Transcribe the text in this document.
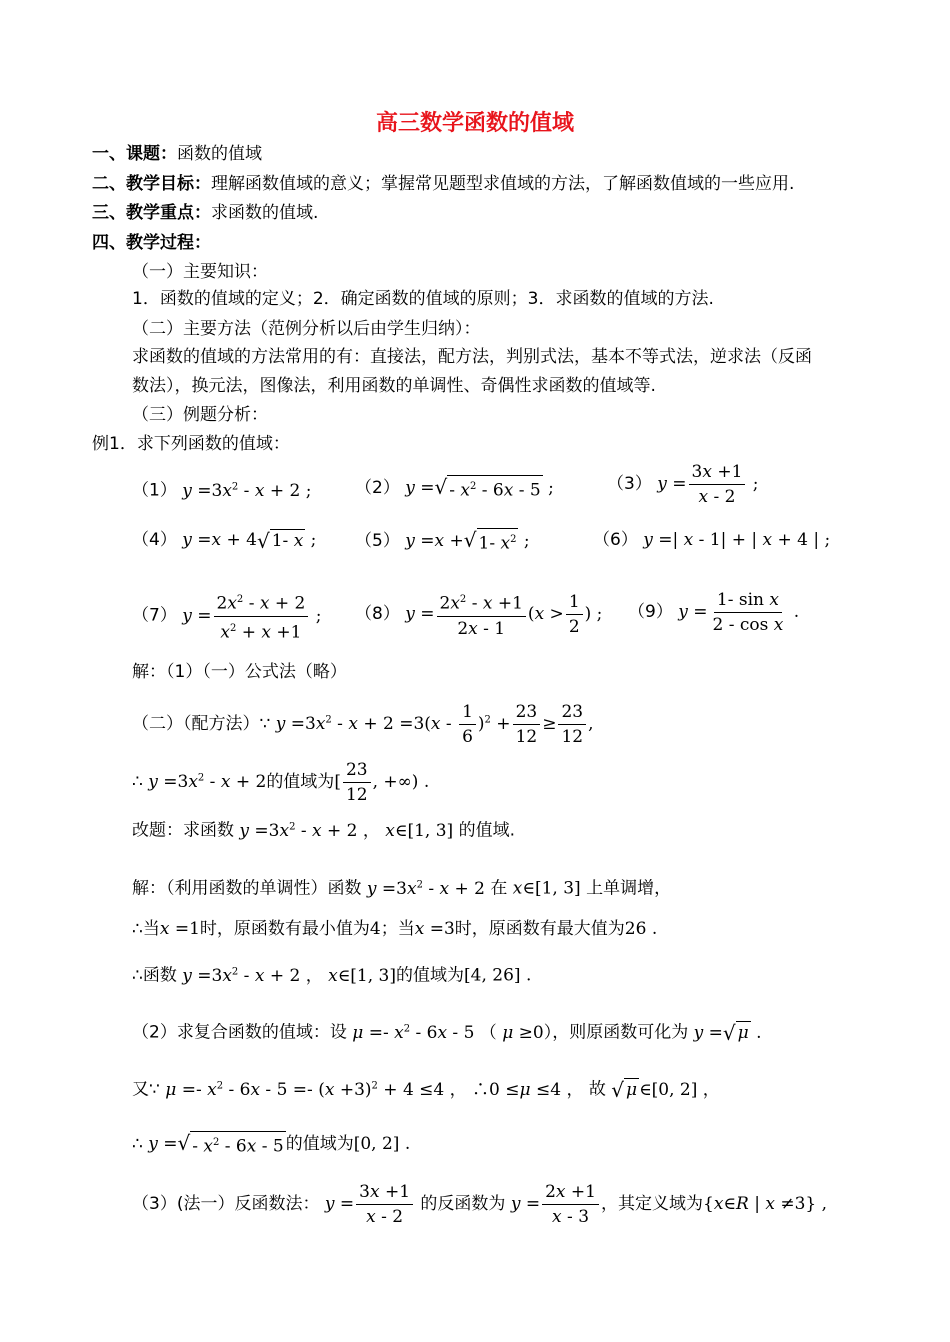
高三数学函数的值域
一、课题：函数的值域
二、教学目标：理解函数值域的意义；掌握常见题型求值域的方法，了解函数值域的一些应用.
三、教学重点：求函数的值域.
四、教学过程：
（一）主要知识：
1．函数的值域的定义；2．确定函数的值域的原则；3．求函数的值域的方法.
（二）主要方法（范例分析以后由学生归纳）：
求函数的值域的方法常用的有：直接法，配方法，判别式法，基本不等式法，逆求法（反函
数法），换元法，图像法，利用函数的单调性、奇偶性求函数的值域等.
（三）例题分析：
例1．求下列函数的值域：
（1） $y =3x^2 - x + 2$ ;	（2） y = √ - $x^2 - 6x - 5$ ;	（3） $y = \frac{3x +1}{x - 2}$ ;
（4） y =x + 4 √ 1- x ; （5） y =x + √ 1- $x^2$ ;	（6） y =| x - 1| + | x + 4 | ;
（7） $y = \frac{2x^2 - x + 2}{x^2 + x +1}$ ; （8） $y = \frac{2x^2 - x +1}{2x - 1} (x > \frac{1}{2}$ ) ; （9） $y = \frac{\text{1- sin x}}{\text{2 - cos x}}$ .
解：（1）（一）公式法（略）
（二）（配方法）∵ $y =3x^2 - x + 2 =3(x - \frac{1}{6} )^2 + \frac{23}{12} \ge \frac{23}{12}$ ,
∴ $y =3x^2 - x + 2$的值域为[ $\frac{23}{12}$ , +∞) .
改题：求函数 $y =3x^2 - x + 2$ ， x∈[1, 3] 的值域.
解：（利用函数的单调性）函数 $y =3x^2 - x + 2$ 在 x∈[1, 3] 上单调增，
∴当x =1时，原函数有最小值为4；当x =3时，原函数有最大值为26 .
∴函数 $y =3x^2 - x + 2$ ， x∈[1, 3]的值域为[4, 26] .
（2）求复合函数的值域：设 $\mu =- x^2 - 6x - 5$ （ μ ≥0），则原函数可化为 y = √ μ .
又∵ $\mu =- x^2 - 6x - 5 =- (x +3)^2 + 4 \le 4$ ， ∴0 ≤μ ≤4 ， 故 √ μ ∈[0, 2] ，
∴ y = √ - $x^2 - 6x - 5$ 的值域为[0, 2] .
（3）(法一）反函数法： $y = \frac{3x +1}{x - 2}$ 的反函数为 $y = \frac{2x +1}{x - 3}$ ，其定义域为{x∈R | x ≠3} ,
